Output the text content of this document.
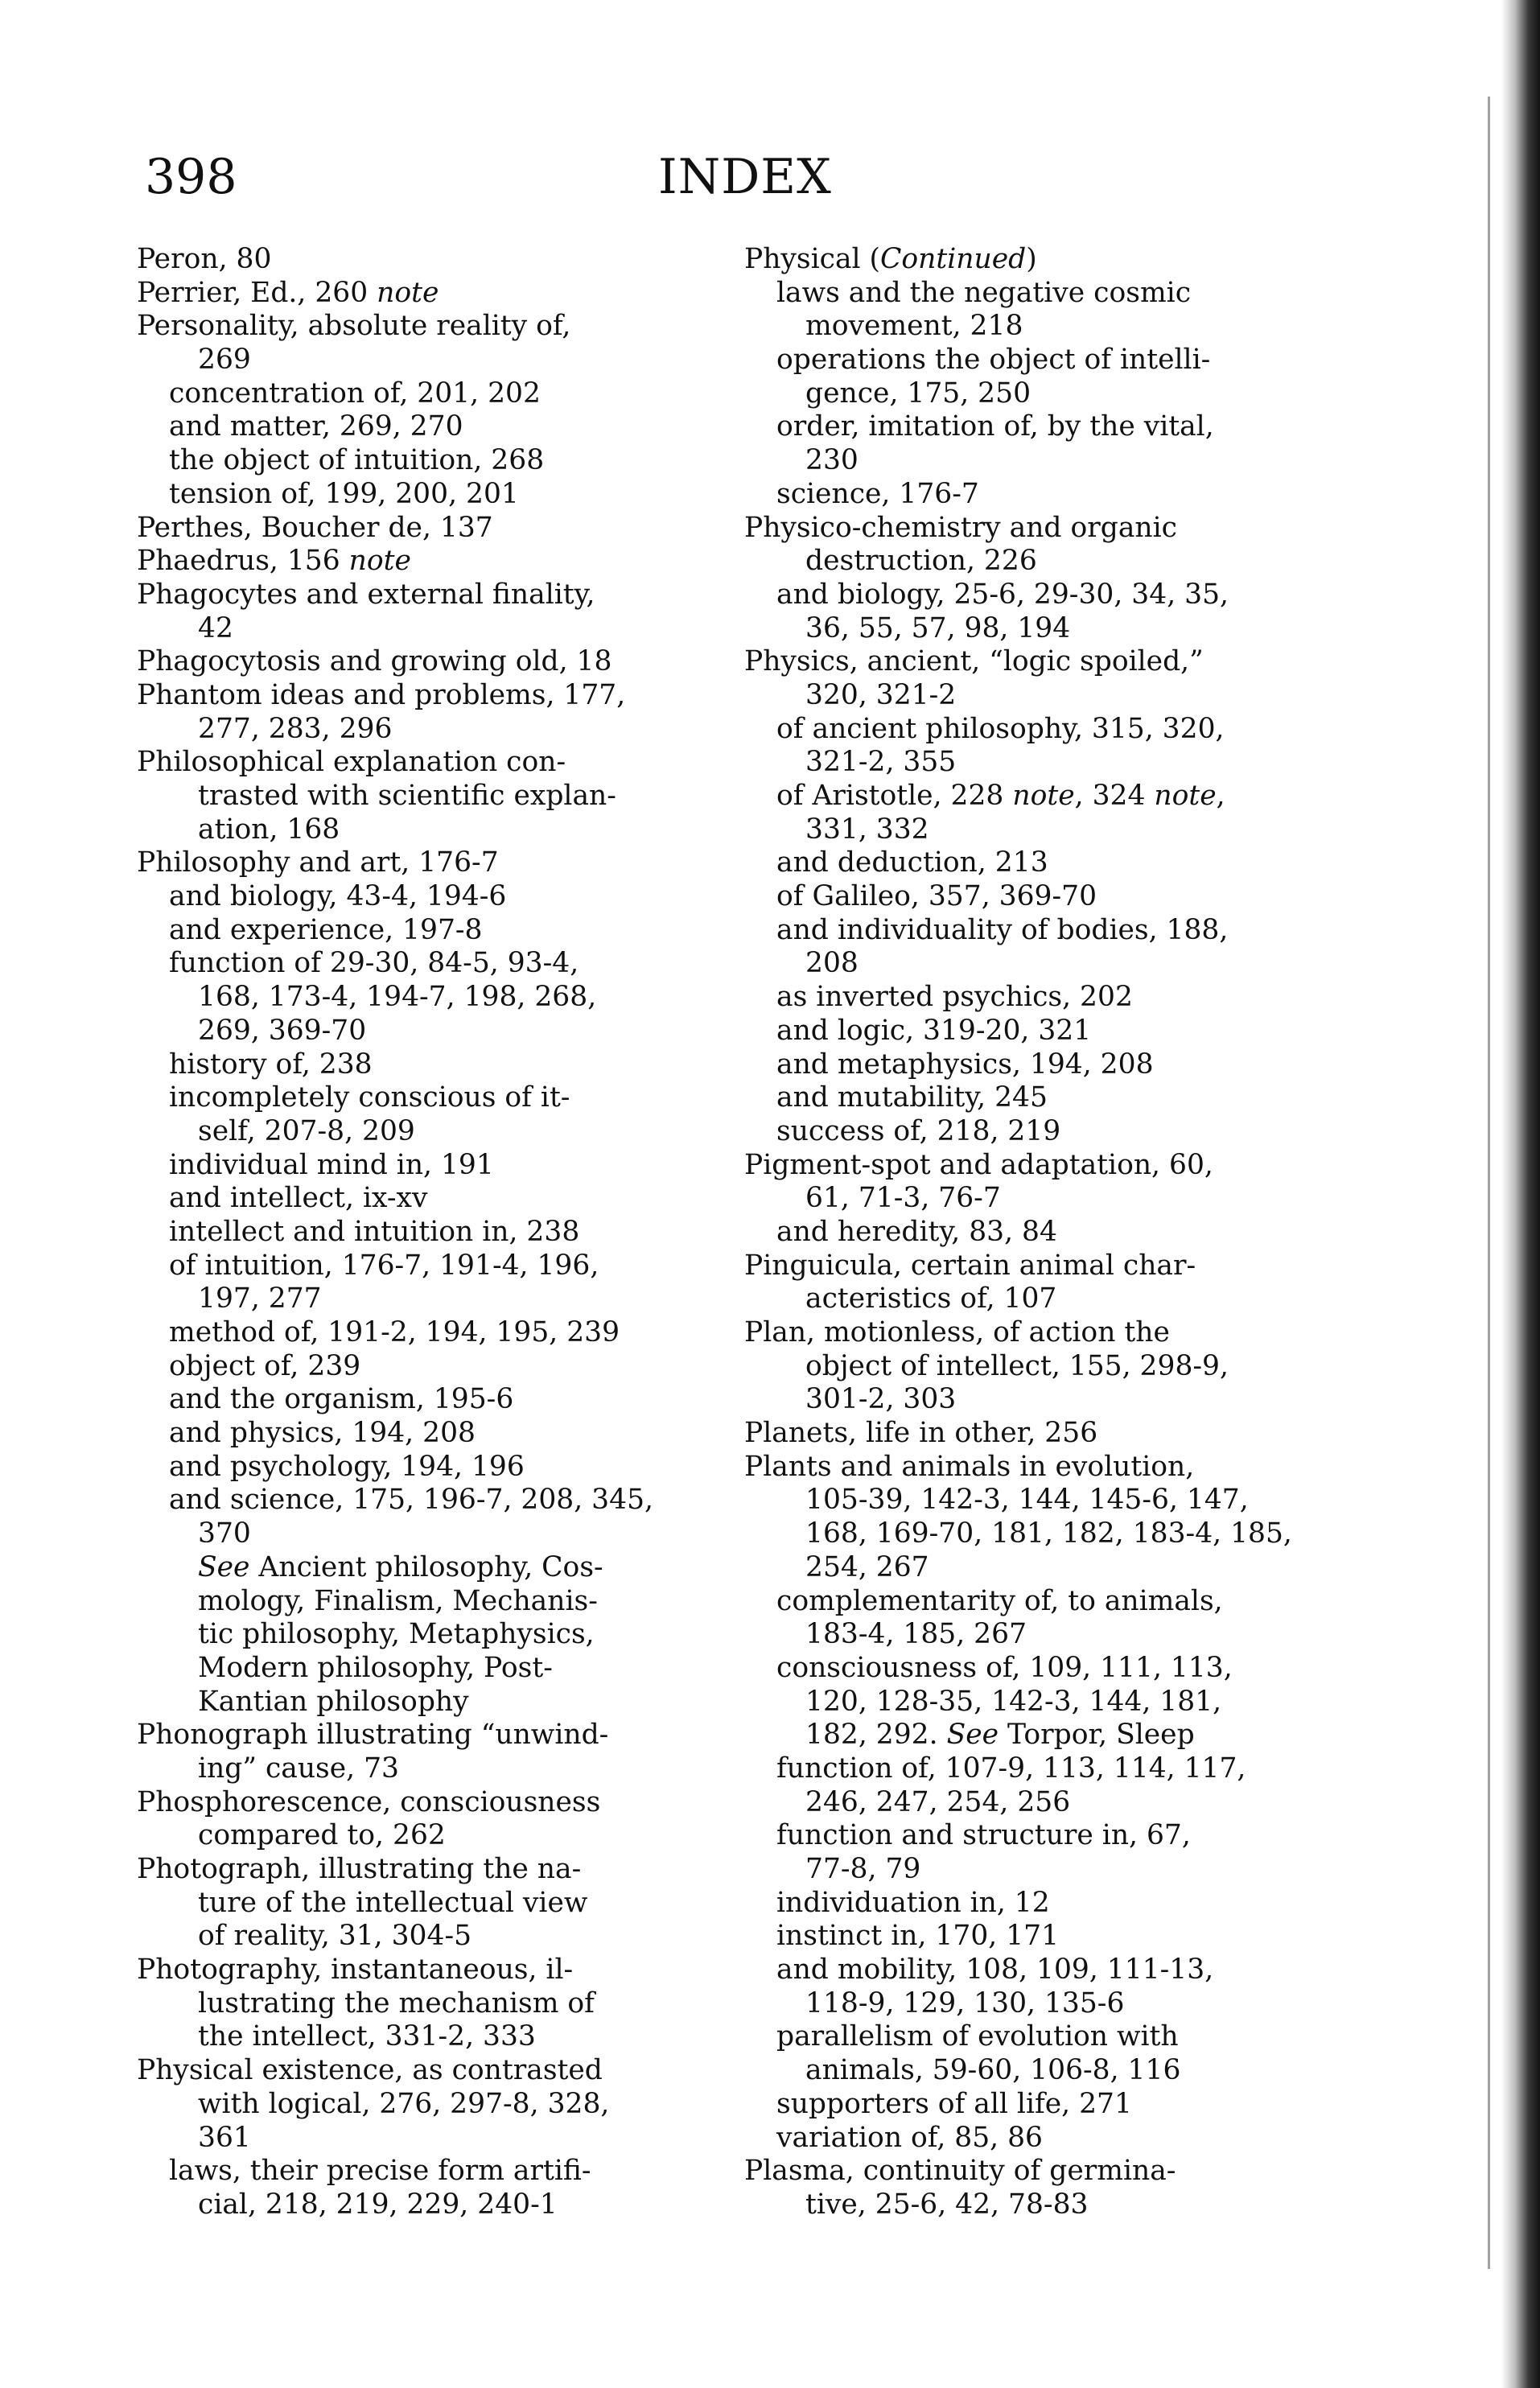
398	INDEX
Peron, 80
Perrier, Ed., 260 note
Personality, absolute reality of,
269
concentration of, 201, 202
and matter, 269, 270
the object of intuition, 268
tension of, 199, 200, 201
Perthes, Boucher de, 137
Phaedrus, 156 note
Phagocytes and external finality,
42
Phagocytosis and growing old, 18
Phantom ideas and problems, 177,
277, 283, 296
Philosophical explanation con-
trasted with scientific explan-
ation, 168
Philosophy and art, 176-7
and biology, 43-4, 194-6
and experience, 197-8
function of 29-30, 84-5, 93-4,
168, 173-4, 194-7, 198, 268,
269, 369-70
history of, 238
incompletely conscious of it-
self, 207-8, 209
individual mind in, 191
and intellect, ix-xv
intellect and intuition in, 238
of intuition, 176-7, 191-4, 196,
197, 277
method of, 191-2, 194, 195, 239
object of, 239
and the organism, 195-6
and physics, 194, 208
and psychology, 194, 196
and science, 175, 196-7, 208, 345,
370
See Ancient philosophy, Cos-
mology, Finalism, Mechanis-
tic philosophy, Metaphysics,
Modern philosophy, Post-
Kantian philosophy
Phonograph illustrating “unwind-
ing” cause, 73
Phosphorescence, consciousness
compared to, 262
Photograph, illustrating the na-
ture of the intellectual view
of reality, 31, 304-5
Photography, instantaneous, il-
lustrating the mechanism of
the intellect, 331-2, 333
Physical existence, as contrasted
with logical, 276, 297-8, 328,
361
laws, their precise form artifi-
cial, 218, 219, 229, 240-1
Physical (Continued)
laws and the negative cosmic
movement, 218
operations the object of intelli-
gence, 175, 250
order, imitation of, by the vital,
230
science, 176-7
Physico-chemistry and organic
destruction, 226
and biology, 25-6, 29-30, 34, 35,
36, 55, 57, 98, 194
Physics, ancient, “logic spoiled,”
320, 321-2
of ancient philosophy, 315, 320,
321-2, 355
of Aristotle, 228 note, 324 note,
331, 332
and deduction, 213
of Galileo, 357, 369-70
and individuality of bodies, 188,
208
as inverted psychics, 202
and logic, 319-20, 321
and metaphysics, 194, 208
and mutability, 245
success of, 218, 219
Pigment-spot and adaptation, 60,
61, 71-3, 76-7
and heredity, 83, 84
Pinguicula, certain animal char-
acteristics of, 107
Plan, motionless, of action the
object of intellect, 155, 298-9,
301-2, 303
Planets, life in other, 256
Plants and animals in evolution,
105-39, 142-3, 144, 145-6, 147,
168, 169-70, 181, 182, 183-4, 185,
254, 267
complementarity of, to animals,
183-4, 185, 267
consciousness of, 109, 111, 113,
120, 128-35, 142-3, 144, 181,
182, 292. See Torpor, Sleep
function of, 107-9, 113, 114, 117,
246, 247, 254, 256
function and structure in, 67,
77-8, 79
individuation in, 12
instinct in, 170, 171
and mobility, 108, 109, 111-13,
118-9, 129, 130, 135-6
parallelism of evolution with
animals, 59-60, 106-8, 116
supporters of all life, 271
variation of, 85, 86
Plasma, continuity of germina-
tive, 25-6, 42, 78-83
